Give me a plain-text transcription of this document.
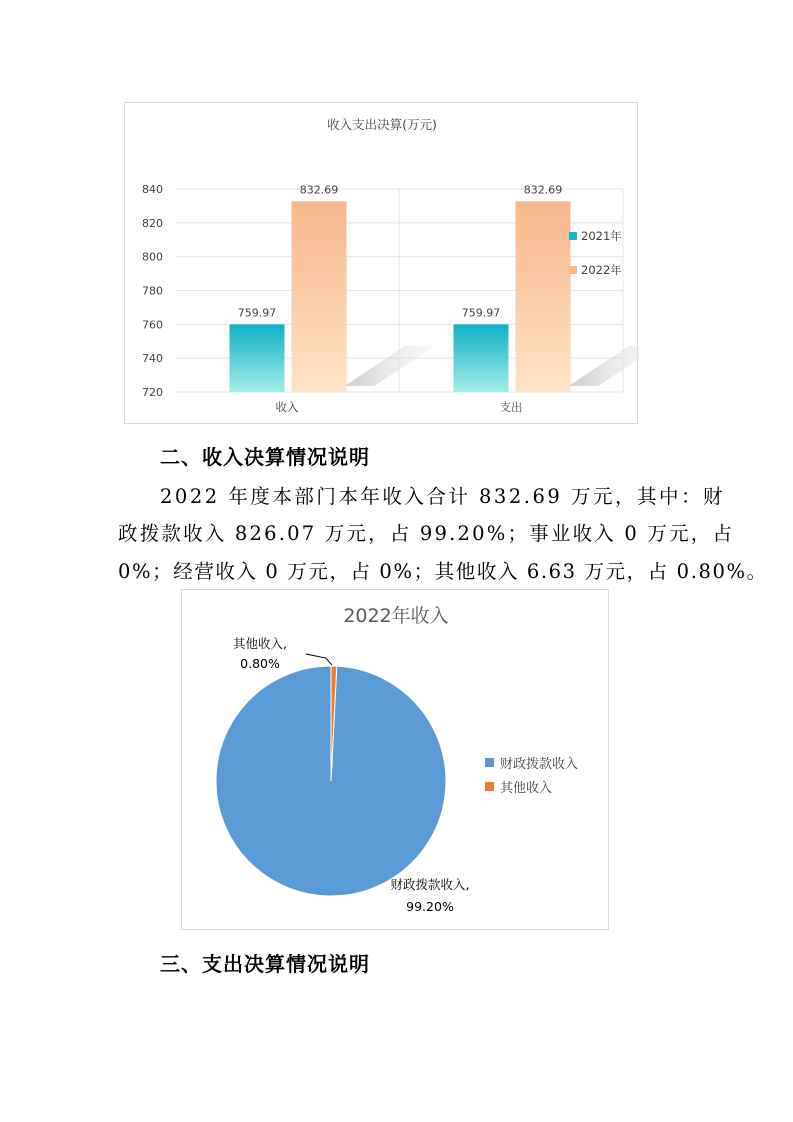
收入支出决算(万元)
720
740
760
780
800
820
840
759.97
832.69
759.97
832.69
收入	支出
2021年
2022年
二、收入决算情况说明

2022 年度本部门本年收入合计 832.69 万元，其中：财

政拨款收入 826.07 万元，占 99.20%；事业收入 0 万元，占

0%；经营收入 0 万元，占 0%；其他收入 6.63 万元，占 0.80%。

2022年收入
财政拨款收入,
99.20%
其他收入,
0.80%
财政拨款收入
其他收入
三、支出决算情况说明
